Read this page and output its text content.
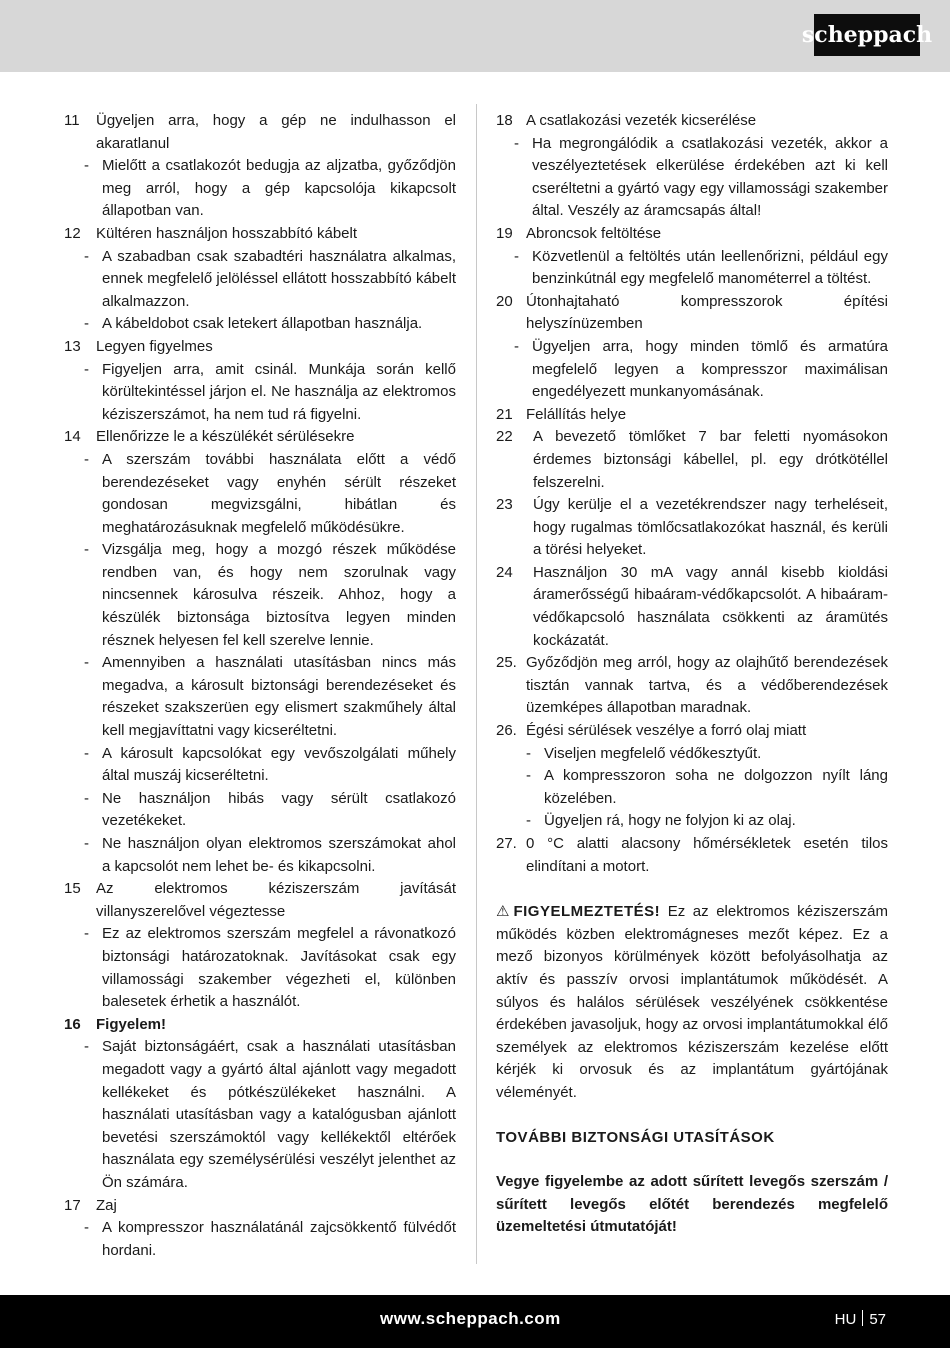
scheppach
11	Ügyeljen arra, hogy a gép ne indulhasson el akaratlanul
- Mielőtt a csatlakozót bedugja az aljzatba, győződjön meg arról, hogy a gép kapcsolója kikapcsolt állapotban van.
12	Kültéren használjon hosszabbító kábelt
- A szabadban csak szabadtéri használatra alkalmas, ennek megfelelő jelöléssel ellátott hosszabbító kábelt alkalmazzon.
- A kábeldobot csak letekert állapotban használja.
13	Legyen figyelmes
- Figyeljen arra, amit csinál. Munkája során kellő körültekintéssel járjon el. Ne használja az elektromos kéziszerszámot, ha nem tud rá figyelni.
14	Ellenőrizze le a készülékét sérülésekre
- A szerszám további használata előtt a védő berendezéseket vagy enyhén sérült részeket gondosan megvizsgálni, hibátlan és meghatározásuknak megfelelő működésükre.
- Vizsgálja meg, hogy a mozgó részek működése rendben van, és hogy nem szorulnak vagy nincsennek károsulva részeik. Ahhoz, hogy a készülék biztonsága biztosítva legyen minden résznek helyesen fel kell szerelve lennie.
- Amennyiben a használati utasításban nincs más megadva, a károsult biztonsági berendezéseket és részeket szakszerüen egy elismert szakműhely által kell megjavíttatni vagy kicseréltetni.
- A károsult kapcsolókat egy vevőszolgálati műhely által muszáj kicseréltetni.
- Ne használjon hibás vagy sérült csatlakozó vezetékeket.
- Ne használjon olyan elektromos szerszámokat ahol a kapcsolót nem lehet be- és kikapcsolni.
15	Az elektromos kéziszerszám javítását villanyszerelővel végeztesse
- Ez az elektromos szerszám megfelel a rávonatkozó biztonsági határozatoknak. Javításokat csak egy villamossági szakember végezheti el, különben balesetek érhetik a használót.
16	Figyelem!
- Saját biztonságáért, csak a használati utasításban megadott vagy a gyártó által ajánlott vagy megadott kellékeket és pótkészülékeket használni. A használati utasításban vagy a katalógusban ajánlott bevetési szerszámoktól vagy kellékektől eltérőek használata egy személysérülési veszélyt jelenthet az Ön számára.
17	Zaj
- A kompresszor használatánál zajcsökkentő fülvédőt hordani.
18 A csatlakozási vezeték kicserélése
- Ha megrongálódik a csatlakozási vezeték, akkor a veszélyeztetések elkerülése érdekében azt ki kell cseréltetni a gyártó vagy egy villamossági szakember által. Veszély az áramcsapás által!
19 Abroncsok feltöltése
- Közvetlenül a feltöltés után leellenőrizni, például egy benzinkútnál egy megfelelő manométerrel a töltést.
20 Útonhajtaható kompresszorok építési helyszínüzemben
- Ügyeljen arra, hogy minden tömlő és armatúra megfelelő legyen a kompresszor maximálisan engedélyezett munkanyomásának.
21 Felállítás helye
22	A bevezető tömlőket 7 bar feletti nyomásokon érdemes biztonsági kábellel, pl. egy drótkötéllel felszerelni.
23	Úgy kerülje el a vezetékrendszer nagy terheléseit, hogy rugalmas tömlőcsatlakozókat használ, és kerüli a törési helyeket.
24	Használjon 30 mA vagy annál kisebb kioldási áramerősségű hibaáram-védőkapcsolót. A hibaáram-védőkapcsoló használata csökkenti az áramütés kockázatát.
25. Győződjön meg arról, hogy az olajhűtő berendezések tisztán vannak tartva, és a védőberendezések üzemképes állapotban maradnak.
26. Égési sérülések veszélye a forró olaj miatt
- Viseljen megfelelő védőkesztyűt.
- A kompresszoron soha ne dolgozzon nyílt láng közelében.
- Ügyeljen rá, hogy ne folyjon ki az olaj.
27. 0 °C alatti alacsony hőmérsékletek esetén tilos elindítani a motort.
⚠ FIGYELMEZTETÉS! Ez az elektromos kéziszerszám működés közben elektromágneses mezőt képez. Ez a mező bizonyos körülmények között befolyásolhatja az aktív és passzív orvosi implantátumok működését. A súlyos és halálos sérülések veszélyének csökkentése érdekében javasoljuk, hogy az orvosi implantátumokkal élő személyek az elektromos kéziszerszám kezelése előtt kérjék ki orvosuk és az implantátum gyártójának véleményét.
TOVÁBBI BIZTONSÁGI UTASÍTÁSOK
Vegye figyelembe az adott sűrített levegős szerszám / sűrített levegős előtét berendezés megfelelő üzemeltetési útmutatóját!
www.scheppach.com	HU 57
